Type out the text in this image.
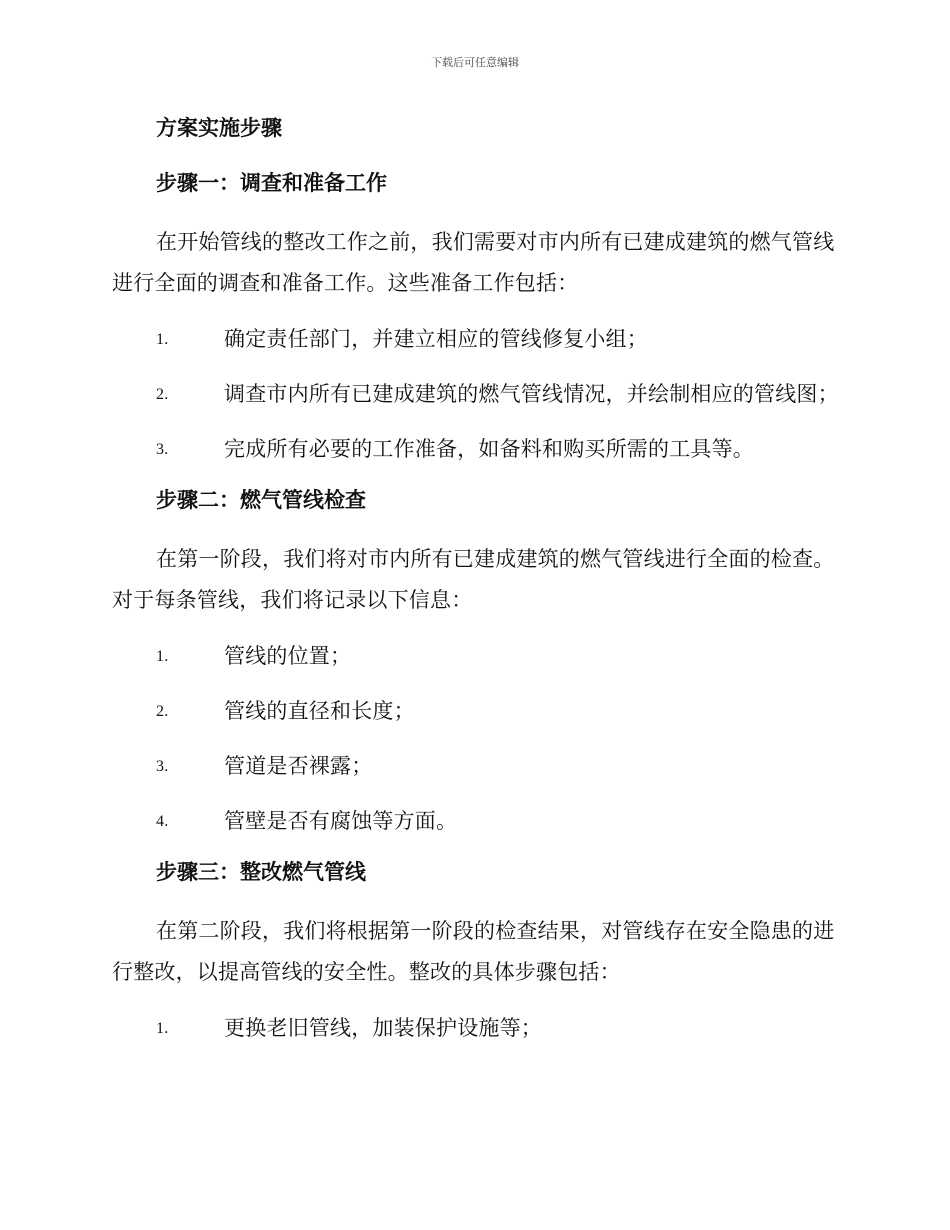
下载后可任意编辑
方案实施步骤
步骤一：调查和准备工作
在开始管线的整改工作之前，我们需要对市内所有已建成建筑的燃气管线进行全面的调查和准备工作。这些准备工作包括：
1.	确定责任部门，并建立相应的管线修复小组；
2.	调查市内所有已建成建筑的燃气管线情况，并绘制相应的管线图；
3.	完成所有必要的工作准备，如备料和购买所需的工具等。
步骤二：燃气管线检查
在第一阶段，我们将对市内所有已建成建筑的燃气管线进行全面的检查。对于每条管线，我们将记录以下信息：
1.	管线的位置；
2.	管线的直径和长度；
3.	管道是否裸露；
4.	管壁是否有腐蚀等方面。
步骤三：整改燃气管线
在第二阶段，我们将根据第一阶段的检查结果，对管线存在安全隐患的进行整改，以提高管线的安全性。整改的具体步骤包括：
1.	更换老旧管线，加装保护设施等；
